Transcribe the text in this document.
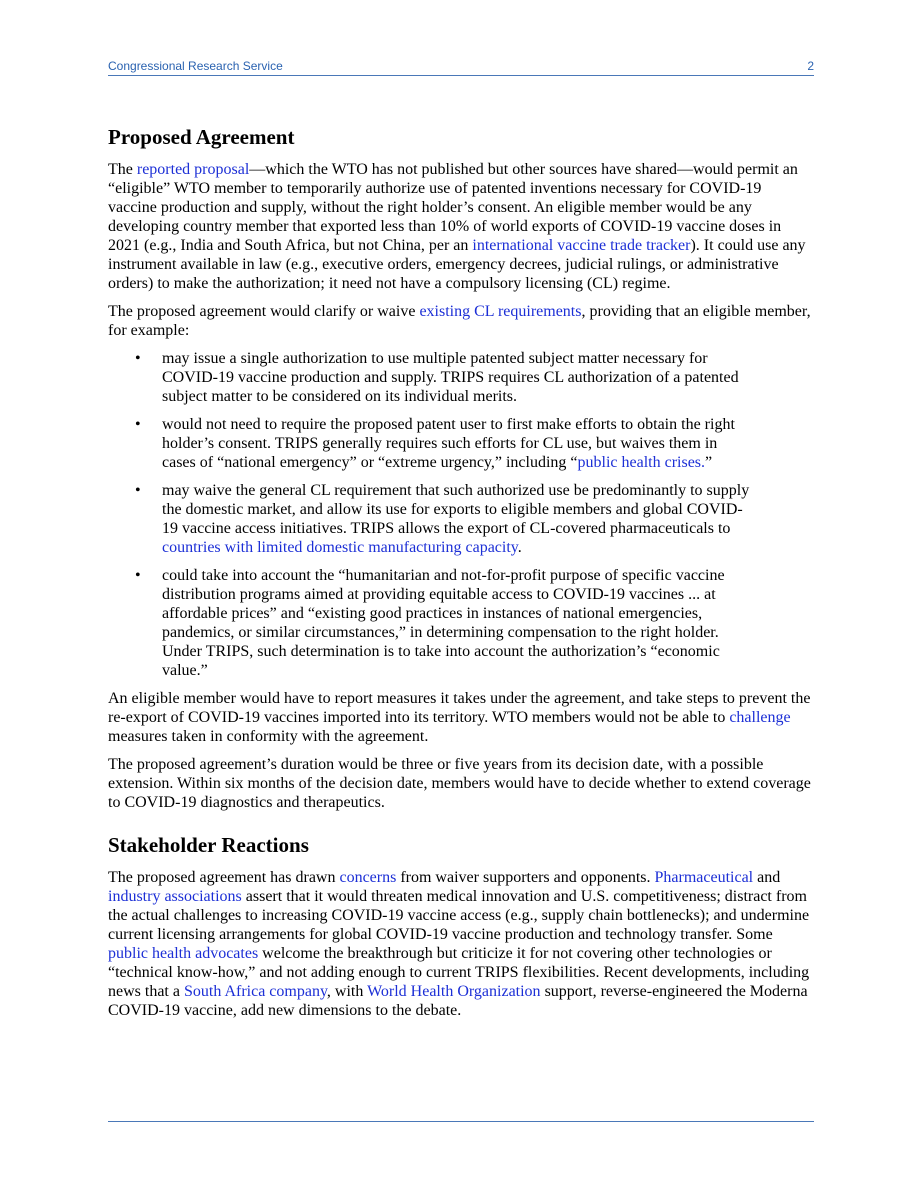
Congressional Research Service	2
Proposed Agreement

The reported proposal—which the WTO has not published but other sources have shared—would permit an “eligible” WTO member to temporarily authorize use of patented inventions necessary for COVID-19 vaccine production and supply, without the right holder’s consent. An eligible member would be any developing country member that exported less than 10% of world exports of COVID-19 vaccine doses in 2021 (e.g., India and South Africa, but not China, per an international vaccine trade tracker). It could use any instrument available in law (e.g., executive orders, emergency decrees, judicial rulings, or administrative orders) to make the authorization; it need not have a compulsory licensing (CL) regime.

The proposed agreement would clarify or waive existing CL requirements, providing that an eligible member, for example:

• may issue a single authorization to use multiple patented subject matter necessary for COVID-19 vaccine production and supply. TRIPS requires CL authorization of a patented subject matter to be considered on its individual merits.
• would not need to require the proposed patent user to first make efforts to obtain the right holder’s consent. TRIPS generally requires such efforts for CL use, but waives them in cases of “national emergency” or “extreme urgency,” including “public health crises.”
• may waive the general CL requirement that such authorized use be predominantly to supply the domestic market, and allow its use for exports to eligible members and global COVID-19 vaccine access initiatives. TRIPS allows the export of CL-covered pharmaceuticals to countries with limited domestic manufacturing capacity.
• could take into account the “humanitarian and not-for-profit purpose of specific vaccine distribution programs aimed at providing equitable access to COVID-19 vaccines ... at affordable prices” and “existing good practices in instances of national emergencies, pandemics, or similar circumstances,” in determining compensation to the right holder. Under TRIPS, such determination is to take into account the authorization’s “economic value.”

An eligible member would have to report measures it takes under the agreement, and take steps to prevent the re-export of COVID-19 vaccines imported into its territory. WTO members would not be able to challenge measures taken in conformity with the agreement.

The proposed agreement’s duration would be three or five years from its decision date, with a possible extension. Within six months of the decision date, members would have to decide whether to extend coverage to COVID-19 diagnostics and therapeutics.

Stakeholder Reactions

The proposed agreement has drawn concerns from waiver supporters and opponents. Pharmaceutical and industry associations assert that it would threaten medical innovation and U.S. competitiveness; distract from the actual challenges to increasing COVID-19 vaccine access (e.g., supply chain bottlenecks); and undermine current licensing arrangements for global COVID-19 vaccine production and technology transfer. Some public health advocates welcome the breakthrough but criticize it for not covering other technologies or “technical know-how,” and not adding enough to current TRIPS flexibilities. Recent developments, including news that a South Africa company, with World Health Organization support, reverse-engineered the Moderna COVID-19 vaccine, add new dimensions to the debate.
